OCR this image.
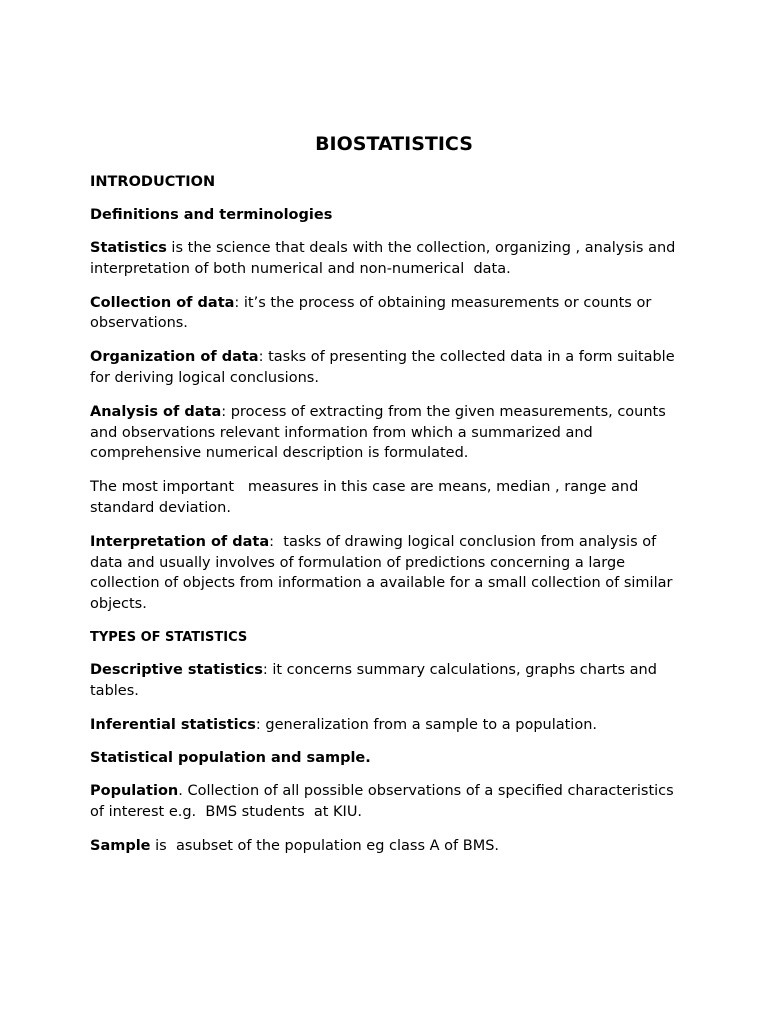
BIOSTATISTICS
INTRODUCTION
Definitions and terminologies

Statistics is the science that deals with the collection, organizing , analysis and interpretation of both numerical and non-numerical  data.

Collection of data: it’s the process of obtaining measurements or counts or observations.

Organization of data: tasks of presenting the collected data in a form suitable for deriving logical conclusions.

Analysis of data: process of extracting from the given measurements, counts and observations relevant information from which a summarized and comprehensive numerical description is formulated.

The most important   measures in this case are means, median , range and standard deviation.

Interpretation of data:  tasks of drawing logical conclusion from analysis of data and usually involves of formulation of predictions concerning a large collection of objects from information a available for a small collection of similar objects.

TYPES OF STATISTICS

Descriptive statistics: it concerns summary calculations, graphs charts and tables.

Inferential statistics: generalization from a sample to a population.

Statistical population and sample.

Population. Collection of all possible observations of a specified characteristics of interest e.g.  BMS students  at KIU.

Sample is  asubset of the population eg class A of BMS.
